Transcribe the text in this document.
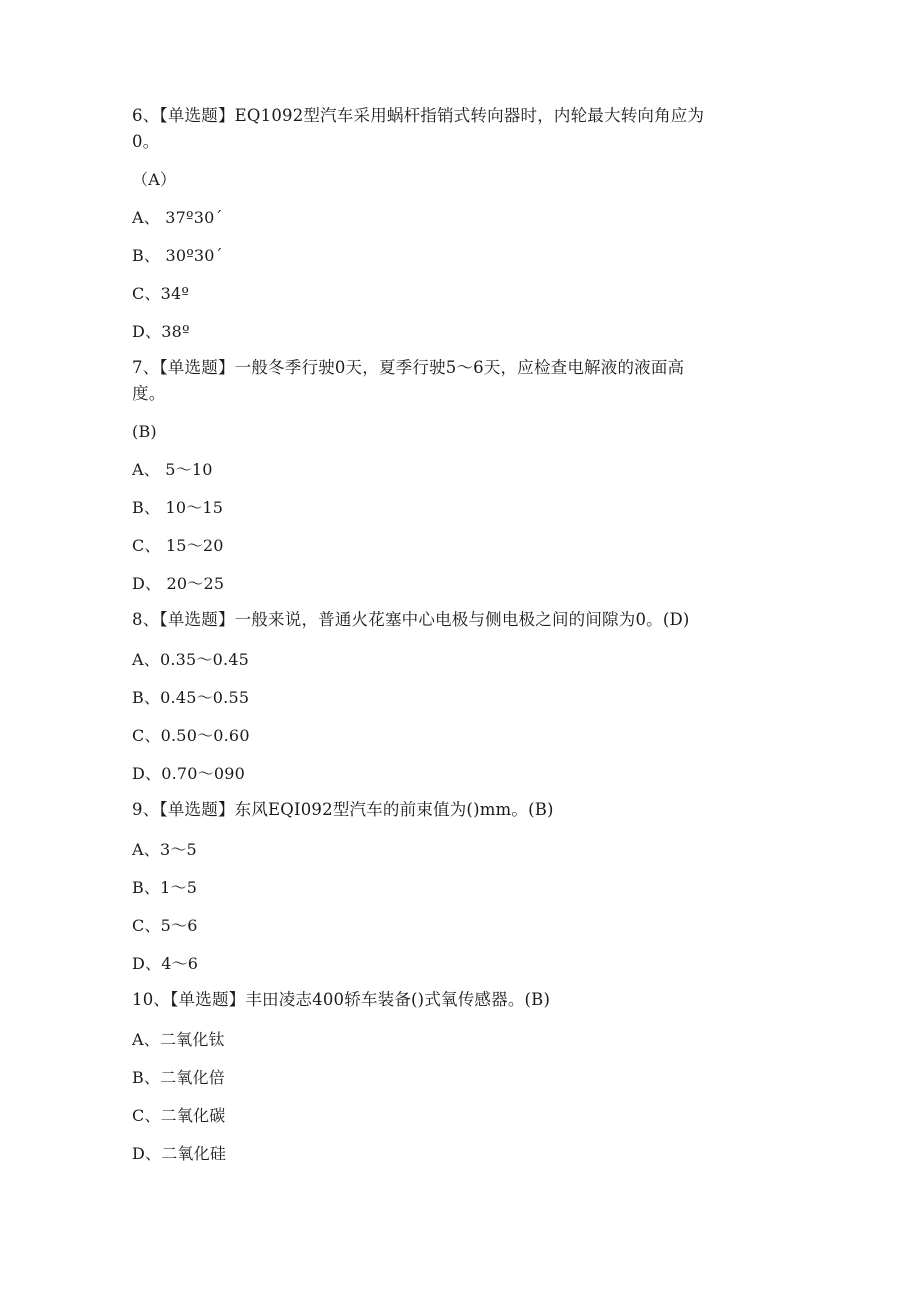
6、【单选题】EQ1092型汽车采用蜗杆指销式转向器时，内轮最大转向角应为
0。
（A）
A、 37º30ˊ
B、 30º30ˊ
C、34º
D、38º
7、【单选题】一般冬季行驶0天，夏季行驶5～6天，应检查电解液的液面高
度。
(B)
A、 5～10
B、 10～15
C、 15～20
D、 20～25
8、【单选题】一般来说，普通火花塞中心电极与侧电极之间的间隙为0。(D)
A、0.35～0.45
B、0.45～0.55
C、0.50～0.60
D、0.70～090
9、【单选题】东风EQI092型汽车的前束值为()mm。(B)
A、3～5
B、1～5
C、5～6
D、4～6
10、【单选题】丰田凌志400轿车装备()式氧传感器。(B)
A、二氧化钛
B、二氧化倍
C、二氧化碳
D、二氧化硅
